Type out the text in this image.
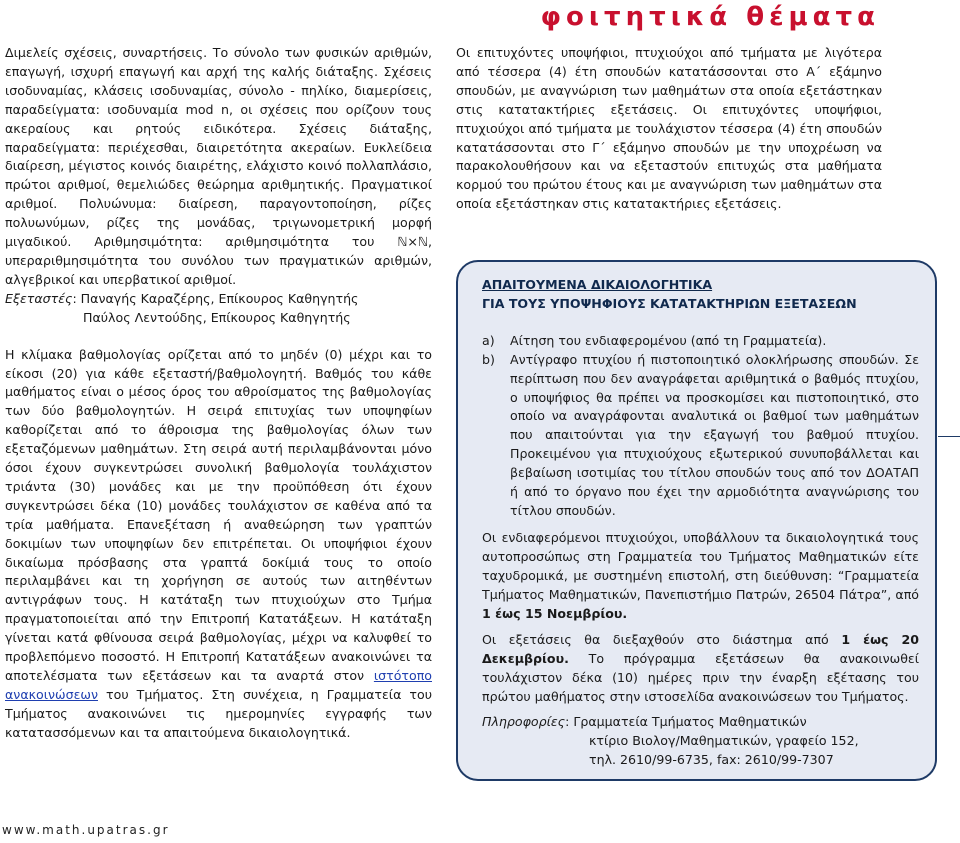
φοιτητικά θέματα

Διμελείς σχέσεις, συναρτήσεις. Το σύνολο των φυσικών αριθμών, επαγωγή, ισχυρή επαγωγή και αρχή της καλής διάταξης. Σχέσεις ισοδυναμίας, κλάσεις ισοδυναμίας, σύνολο - πηλίκο, διαμερίσεις, παραδείγματα: ισοδυναμία mod n, οι σχέσεις που ορίζουν τους ακεραίους και ρητούς ειδικότερα. Σχέσεις διάταξης, παραδείγματα: περιέχεσθαι, διαιρετότητα ακεραίων. Ευκλείδεια διαίρεση, μέγιστος κοινός διαιρέτης, ελάχιστο κοινό πολλαπλάσιο, πρώτοι αριθμοί, θεμελιώδες θεώρημα αριθμητικής. Πραγματικοί αριθμοί. Πολυώνυμα: διαίρεση, παραγοντοποίηση, ρίζες πολυωνύμων, ρίζες της μονάδας, τριγωνομετρική μορφή μιγαδικού. Αριθμησιμότητα: αριθμησιμότητα του ℕ×ℕ, υπεραριθμησιμότητα του συνόλου των πραγματικών αριθμών, αλγεβρικοί και υπερβατικοί αριθμοί.

Εξεταστές: Παναγής Καραζέρης, Επίκουρος Καθηγητής

Παύλος Λεντούδης, Επίκουρος Καθηγητής

Η κλίμακα βαθμολογίας ορίζεται από το μηδέν (0) μέχρι και το είκοσι (20) για κάθε εξεταστή/βαθμολογητή. Βαθμός του κάθε μαθήματος είναι ο μέσος όρος του αθροίσματος της βαθμολογίας των δύο βαθμολογητών. Η σειρά επιτυχίας των υποψηφίων καθορίζεται από το άθροισμα της βαθμολογίας όλων των εξεταζόμενων μαθημάτων. Στη σειρά αυτή περιλαμβάνονται μόνο όσοι έχουν συγκεντρώσει συνολική βαθμολογία τουλάχιστον τριάντα (30) μονάδες και με την προϋπόθεση ότι έχουν συγκεντρώσει δέκα (10) μονάδες τουλάχιστον σε καθένα από τα τρία μαθήματα. Επανεξέταση ή αναθεώρηση των γραπτών δοκιμίων των υποψηφίων δεν επιτρέπεται. Οι υποψήφιοι έχουν δικαίωμα πρόσβασης στα γραπτά δοκίμιά τους το οποίο περιλαμβάνει και τη χορήγηση σε αυτούς των αιτηθέντων αντιγράφων τους. Η κατάταξη των πτυχιούχων στο Τμήμα πραγματοποιείται από την Επιτροπή Κατατάξεων. Η κατάταξη γίνεται κατά φθίνουσα σειρά βαθμολογίας, μέχρι να καλυφθεί το προβλεπόμενο ποσοστό. Η Επιτροπή Κατατάξεων ανακοινώνει τα αποτελέσματα των εξετάσεων και τα αναρτά στον ιστότοπο ανακοινώσεων του Τμήματος. Στη συνέχεια, η Γραμματεία του Τμήματος ανακοινώνει τις ημερομηνίες εγγραφής των κατατασσόμενων και τα απαιτούμενα δικαιολογητικά.

Οι επιτυχόντες υποψήφιοι, πτυχιούχοι από τμήματα με λιγότερα από τέσσερα (4) έτη σπουδών κατατάσσονται στο Α΄ εξάμηνο σπουδών, με αναγνώριση των μαθημάτων στα οποία εξετάστηκαν στις κατατακτήριες εξετάσεις. Οι επιτυχόντες υποψήφιοι, πτυχιούχοι από τμήματα με τουλάχιστον τέσσερα (4) έτη σπουδών κατατάσσονται στο Γ΄ εξάμηνο σπουδών με την υποχρέωση να παρακολουθήσουν και να εξεταστούν επιτυχώς στα μαθήματα κορμού του πρώτου έτους και με αναγνώριση των μαθημάτων στα οποία εξετάστηκαν στις κατατακτήριες εξετάσεις.

ΑΠΑΙΤΟΥΜΕΝΑ ΔΙΚΑΙΟΛΟΓΗΤΙΚΑ
ΓΙΑ ΤΟΥΣ ΥΠΟΨΗΦΙΟΥΣ ΚΑΤΑΤΑΚΤΗΡΙΩΝ ΕΞΕΤΑΣΕΩΝ
a)	Αίτηση του ενδιαφερομένου (από τη Γραμματεία).
b)	Αντίγραφο πτυχίου ή πιστοποιητικό ολοκλήρωσης σπουδών. Σε περίπτωση που δεν αναγράφεται αριθμητικά ο βαθμός πτυχίου, ο υποψήφιος θα πρέπει να προσκομίσει και πιστοποιητικό, στο οποίο να αναγράφονται αναλυτικά οι βαθμοί των μαθημάτων που απαιτούνται για την εξαγωγή του βαθμού πτυχίου. Προκειμένου για πτυχιούχους εξωτερικού συνυποβάλλεται και βεβαίωση ισοτιμίας του τίτλου σπουδών τους από τον ΔΟΑΤΑΠ ή από το όργανο που έχει την αρμοδιότητα αναγνώρισης του τίτλου σπουδών.

Οι ενδιαφερόμενοι πτυχιούχοι, υποβάλλουν τα δικαιολογητικά τους αυτοπροσώπως στη Γραμματεία του Τμήματος Μαθηματικών είτε ταχυδρομικά, με συστημένη επιστολή, στη διεύθυνση: “Γραμματεία Τμήματος Μαθηματικών, Πανεπιστήμιο Πατρών, 26504 Πάτρα”, από 1 έως 15 Νοεμβρίου.

Οι εξετάσεις θα διεξαχθούν στο διάστημα από 1 έως 20 Δεκεμβρίου. Το πρόγραμμα εξετάσεων θα ανακοινωθεί τουλάχιστον δέκα (10) ημέρες πριν την έναρξη εξέτασης του πρώτου μαθήματος στην ιστοσελίδα ανακοινώσεων του Τμήματος.

Πληροφορίες: Γραμματεία Τμήματος Μαθηματικών
κτίριο Βιολογ/Μαθηματικών, γραφείο 152,
τηλ. 2610/99-6735, fax: 2610/99-7307
www.math.upatras.gr
